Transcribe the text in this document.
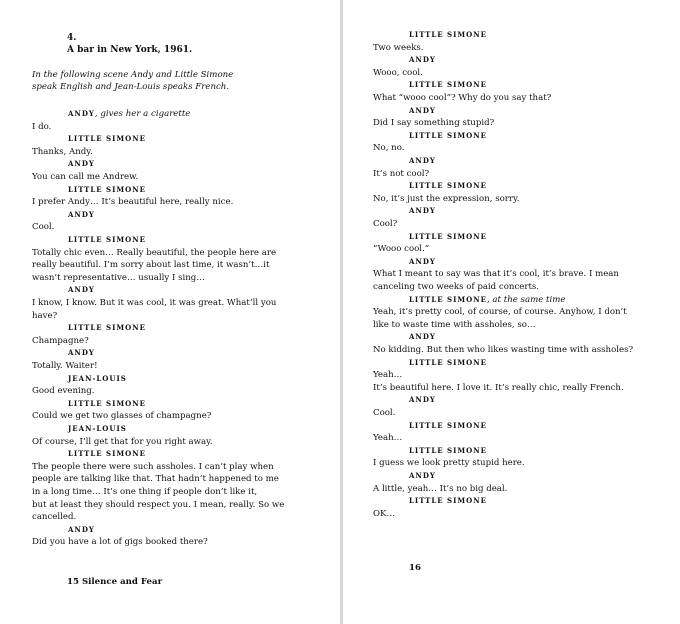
4.
A bar in New York, 1961.
In the following scene Andy and Little Simone
speak English and Jean-Louis speaks French.
ANDY, gives her a cigarette
I do.
LITTLE SIMONE
Thanks, Andy.
ANDY
You can call me Andrew.
LITTLE SIMONE
I prefer Andy… It’s beautiful here, really nice.
ANDY
Cool.
LITTLE SIMONE
Totally chic even… Really beautiful, the people here are
really beautiful. I’m sorry about last time, it wasn’t…it
wasn’t representative… usually I sing…
ANDY
I know, I know. But it was cool, it was great. What’ll you
have?
LITTLE SIMONE
Champagne?
ANDY
Totally. Waiter!
JEAN-LOUIS
Good evening.
LITTLE SIMONE
Could we get two glasses of champagne?
JEAN-LOUIS
Of course, I’ll get that for you right away.
LITTLE SIMONE
The people there were such assholes. I can’t play when
people are talking like that. That hadn’t happened to me
in a long time… It’s one thing if people don’t like it,
but at least they should respect you. I mean, really. So we
cancelled.
ANDY
Did you have a lot of gigs booked there?
15 Silence and Fear
LITTLE SIMONE
Two weeks.
ANDY
Wooo, cool.
LITTLE SIMONE
What “wooo cool”? Why do you say that?
ANDY
Did I say something stupid?
LITTLE SIMONE
No, no.
ANDY
It’s not cool?
LITTLE SIMONE
No, it’s just the expression, sorry.
ANDY
Cool?
LITTLE SIMONE
“Wooo cool.”
ANDY
What I meant to say was that it’s cool, it’s brave. I mean
canceling two weeks of paid concerts.
LITTLE SIMONE, at the same time
Yeah, it’s pretty cool, of course, of course. Anyhow, I don’t
like to waste time with assholes, so…
ANDY
No kidding. But then who likes wasting time with assholes?
LITTLE SIMONE
Yeah…
It’s beautiful here. I love it. It’s really chic, really French.
ANDY
Cool.
LITTLE SIMONE
Yeah…
LITTLE SIMONE
I guess we look pretty stupid here.
ANDY
A little, yeah… It’s no big deal.
LITTLE SIMONE
OK…
16
